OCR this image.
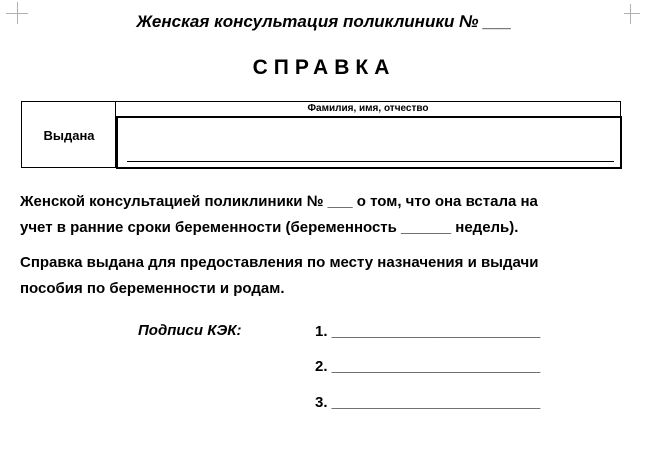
Женская консультация поликлиники № ___
СПРАВКА
Выдана
Фамилия, имя, отчество
Женской консультацией поликлиники № ___ о том, что она встала на
учет в ранние сроки беременности (беременность ______ недель).
Справка выдана для предоставления по месту назначения и выдачи
пособия по беременности и родам.
Подписи КЭК:	1. _________________________
2. _________________________
3. _________________________
